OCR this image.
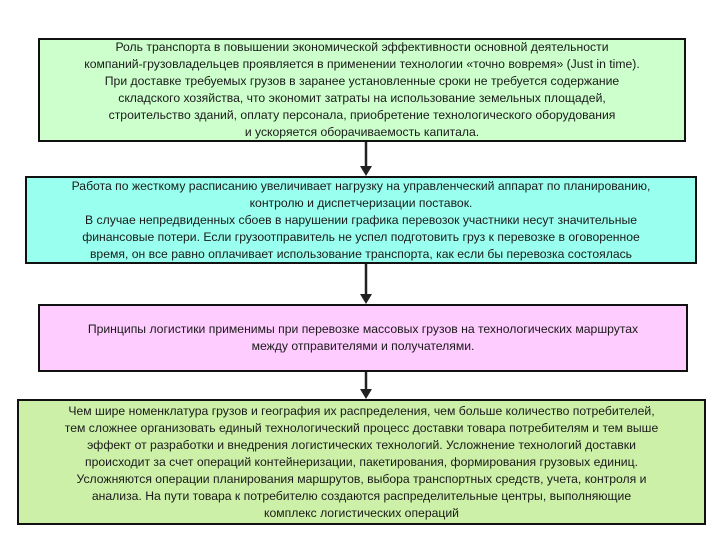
Роль транспорта в повышении экономической эффективности основной деятельности
компаний-грузовладельцев проявляется в применении технологии «точно вовремя» (Just in time).
При доставке требуемых грузов в заранее установленные сроки не требуется содержание
складского хозяйства, что экономит затраты на использование земельных площадей,
строительство зданий, оплату персонала, приобретение технологического оборудования
и ускоряется оборачиваемость капитала.
Работа по жесткому расписанию увеличивает нагрузку на управленческий аппарат по планированию,
контролю и диспетчеризации поставок.
В случае непредвиденных сбоев в нарушении графика перевозок участники несут значительные
финансовые потери. Если грузоотправитель не успел подготовить груз к перевозке в оговоренное
время, он все равно оплачивает использование транспорта, как если бы перевозка состоялась
Принципы логистики применимы при перевозке массовых грузов на технологических маршрутах
между отправителями и получателями.
Чем шире номенклатура грузов и география их распределения, чем больше количество потребителей,
тем сложнее организовать единый технологический процесс доставки товара потребителям и тем выше
эффект от разработки и внедрения логистических технологий. Усложнение технологий доставки
происходит за счет операций контейнеризации, пакетирования, формирования грузовых единиц.
Усложняются операции планирования маршрутов, выбора транспортных средств, учета, контроля и
анализа. На пути товара к потребителю создаются распределительные центры, выполняющие
комплекс логистических операций
